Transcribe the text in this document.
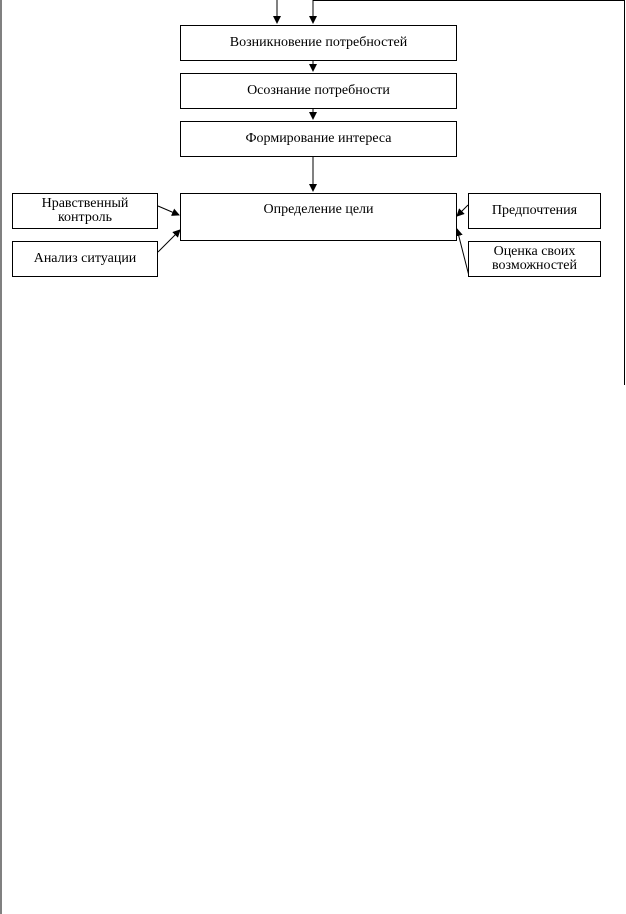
Возникновение потребностей
Осознание потребности
Формирование интереса
Определение цели
Нравственный контроль
Анализ ситуации
Предпочтения
Оценка своих возможностей
